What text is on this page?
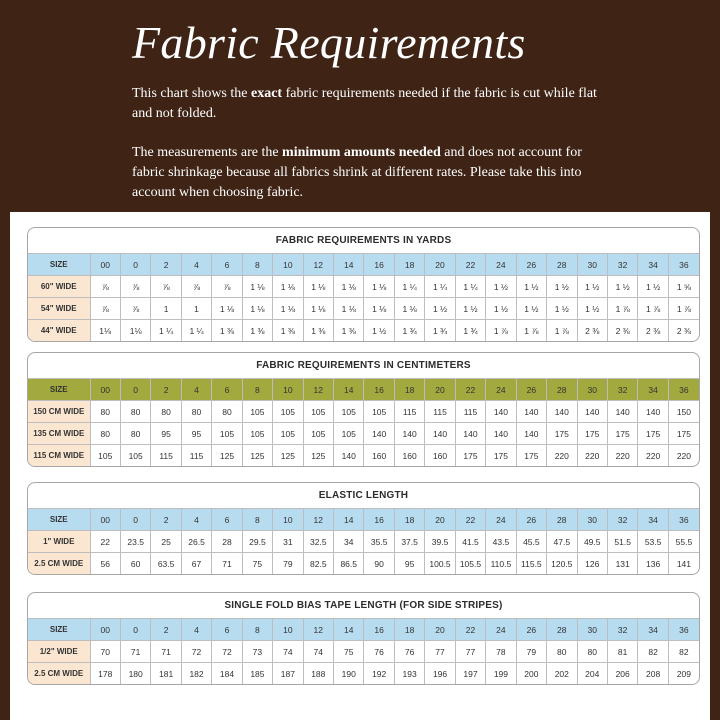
Fabric Requirements

This chart shows the exact fabric requirements needed if the fabric is cut while flat and not folded.

The measurements are the minimum amounts needed and does not account for fabric shrinkage because all fabrics shrink at different rates. Please take this into account when choosing fabric.

FABRIC REQUIREMENTS IN YARDS
SIZE	00	0	2	4	6	8	10	12	14	16	18	20	22	24	26	28	30	32	34	36
60" WIDE	⅞	⅞	⅞	⅞	⅞	1 ⅛	1 ⅛	1 ⅛	1 ⅛	1 ⅛	1 ¼	1 ¼	1 ¼	1 ½	1 ½	1 ½	1 ½	1 ½	1 ½	1 ⅝
54" WIDE	⅞	⅞	1	1	1 ⅛	1 ⅛	1 ⅛	1 ⅛	1 ⅛	1 ⅛	1 ⅛	1 ½	1 ½	1 ½	1 ½	1 ½	1 ½	1 ⅞	1 ⅞	1 ⅞
44" WIDE	1⅛	1⅛	1 ¼	1 ¼	1 ⅜	1 ⅜	1 ⅜	1 ⅜	1 ⅜	1 ½	1 ¾	1 ¾	1 ¾	1 ⅞	1 ⅞	1 ⅞	2 ⅜	2 ⅜	2 ⅜	2 ⅜
FABRIC REQUIREMENTS IN CENTIMETERS
SIZE	00	0	2	4	6	8	10	12	14	16	18	20	22	24	26	28	30	32	34	36
150 CM WIDE	80	80	80	80	80	105	105	105	105	105	115	115	115	140	140	140	140	140	140	150
135 CM WIDE	80	80	95	95	105	105	105	105	105	140	140	140	140	140	140	175	175	175	175	175
115 CM WIDE	105	105	115	115	125	125	125	125	140	160	160	160	175	175	175	220	220	220	220	220
ELASTIC LENGTH
SIZE	00	0	2	4	6	8	10	12	14	16	18	20	22	24	26	28	30	32	34	36
1" WIDE	22	23.5	25	26.5	28	29.5	31	32.5	34	35.5	37.5	39.5	41.5	43.5	45.5	47.5	49.5	51.5	53.5	55.5
2.5 CM WIDE	56	60	63.5	67	71	75	79	82.5	86.5	90	95	100.5	105.5	110.5	115.5	120.5	126	131	136	141
SINGLE FOLD BIAS TAPE LENGTH (FOR SIDE STRIPES)
SIZE	00	0	2	4	6	8	10	12	14	16	18	20	22	24	26	28	30	32	34	36
1/2" WIDE	70	71	71	72	72	73	74	74	75	76	76	77	77	78	79	80	80	81	82	82
2.5 CM WIDE	178	180	181	182	184	185	187	188	190	192	193	196	197	199	200	202	204	206	208	209
